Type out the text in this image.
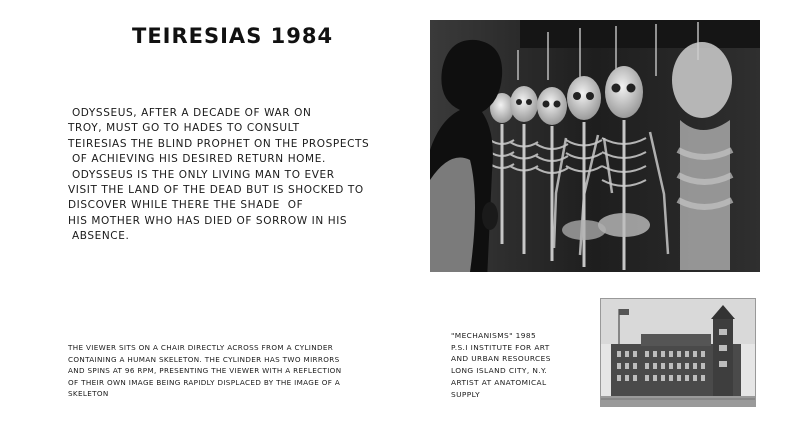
TEIRESIAS 1984
ODYSSEUS, AFTER A DECADE OF WAR ON
TROY, MUST GO TO HADES TO CONSULT
TEIRESIAS THE BLIND PROPHET ON THE PROSPECTS
OF ACHIEVING HIS DESIRED RETURN HOME.
ODYSSEUS IS THE ONLY LIVING MAN TO EVER
VISIT THE LAND OF THE DEAD BUT IS SHOCKED TO
DISCOVER WHILE THERE THE SHADE  OF
HIS MOTHER WHO HAS DIED OF SORROW IN HIS
ABSENCE.
THE VIEWER SITS ON A CHAIR DIRECTLY ACROSS FROM A CYLINDER
CONTAINING A HUMAN SKELETON. THE CYLINDER HAS TWO MIRRORS
AND SPINS AT 96 RPM, PRESENTING THE VIEWER WITH A REFLECTION
OF THEIR OWN IMAGE BEING RAPIDLY DISPLACED BY THE IMAGE OF A
SKELETON
"MECHANISMS" 1985
P.S.I INSTITUTE FOR ART
AND URBAN RESOURCES
LONG ISLAND CITY, N.Y.
ARTIST AT ANATOMICAL
SUPPLY
